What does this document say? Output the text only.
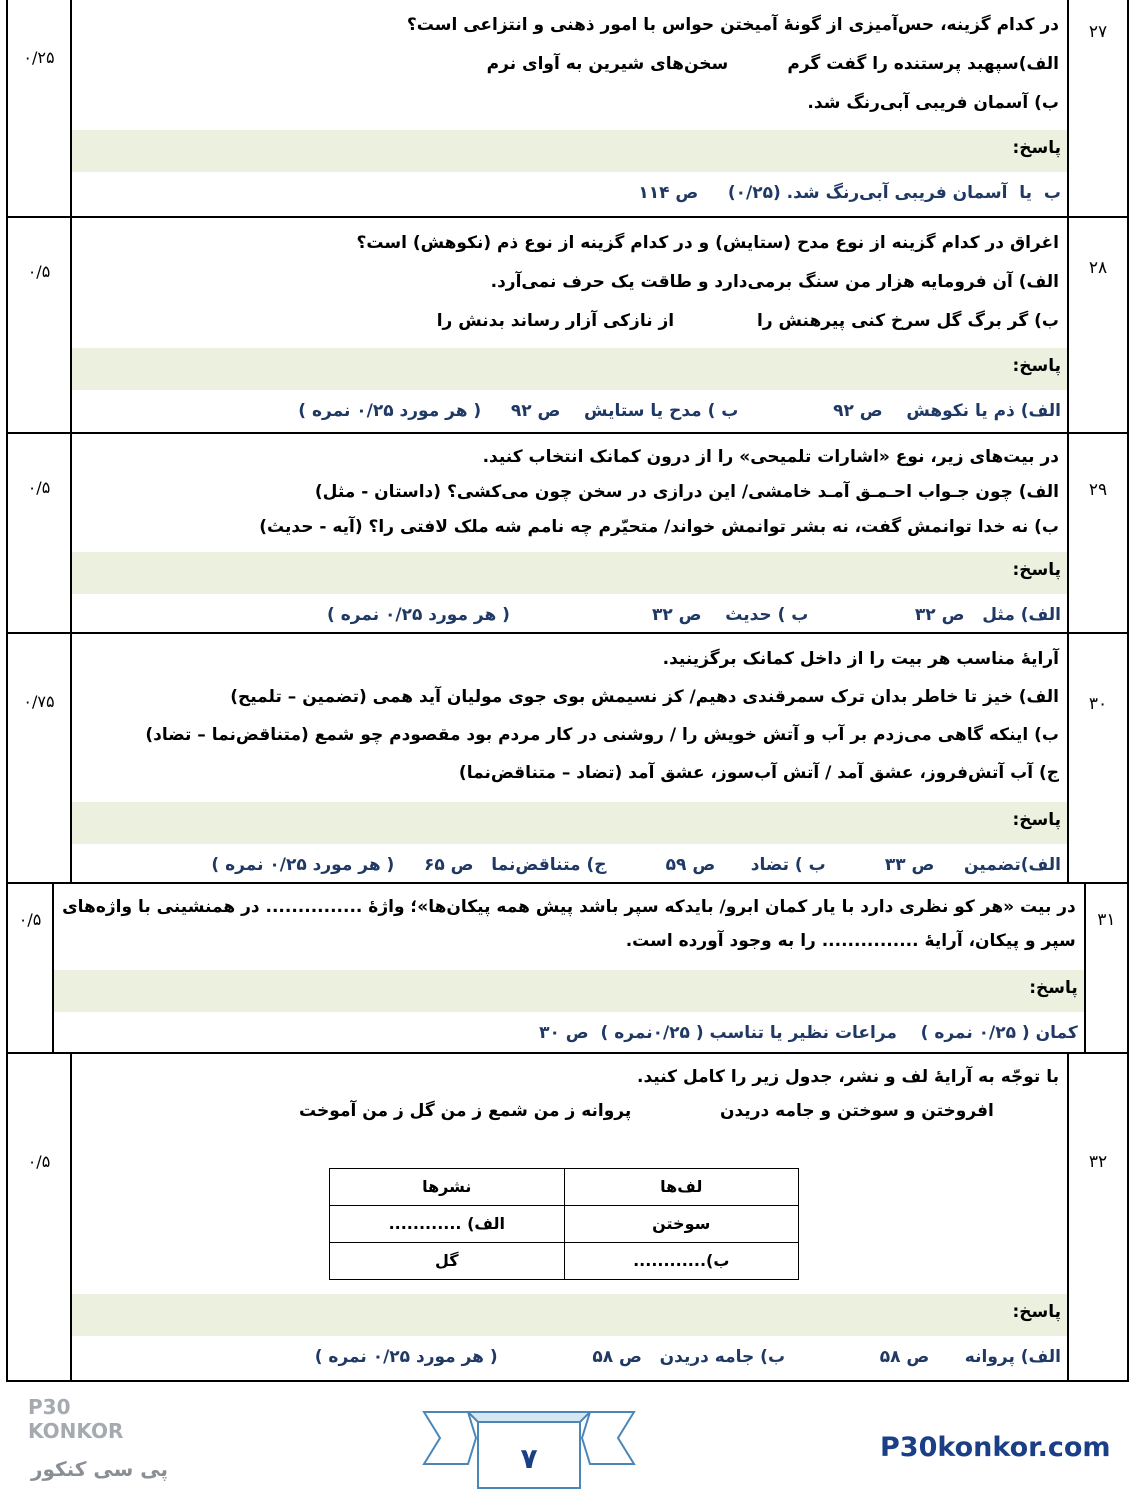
۲۷
در کدام گزینه، حس‌آمیزی از گونهٔ آمیختن حواس با امور ذهنی و انتزاعی است؟
الف)سپهبد پرستنده را گفت گرم          سخن‌های شیرین به آوای نرم
ب) آسمان فریبی آبی‌رنگ شد.
پاسخ:
ب  یا  آسمان فریبی آبی‌رنگ شد. (۰/۲۵)     ص ۱۱۴
۰/۲۵
۲۸
اغراق در کدام گزینه از نوع مدح (ستایش) و در کدام گزینه از نوع ذم (نکوهش) است؟
الف) آن فرومایه هزار من سنگ برمی‌دارد و طاقت یک حرف نمی‌آرد.
ب) گر برگ گل سرخ کنی پیرهنش را              از نازکی آزار رساند بدنش را
پاسخ:
الف) ذم یا نکوهش    ص ۹۲                ب ) مدح یا ستایش    ص ۹۲     ( هر مورد ۰/۲۵ نمره )
۰/۵
۲۹
در بیت‌های زیر، نوع «اشارات تلمیحی» را از درون کمانک انتخاب کنید.
الف) چون جـواب احـمـق آمـد خامشی/ این درازی در سخن چون می‌کشی؟ (داستان - مثل)
ب) نه خدا توانمش گفت، نه بشر توانمش خواند/ متحیّرم چه نامم شه ملک لافتی را؟ (آیه - حدیث)
پاسخ:
الف) مثل   ص ۳۲                  ب ) حدیث    ص ۳۲                        ( هر مورد ۰/۲۵ نمره )
۰/۵
۳۰
آرایهٔ مناسب هر بیت را از داخل کمانک برگزینید.
الف) خیز تا خاطر بدان ترک سمرقندی دهیم/ کز نسیمش بوی جوی مولیان آید همی (تضمین – تلمیح)
ب) اینکه گاهی می‌زدم بر آب و آتش خویش را / روشنی در کار مردم بود مقصودم چو شمع (متناقض‌نما – تضاد)
ج) آب آتش‌فروز، عشق آمد / آتش آب‌سوز، عشق آمد (تضاد – متناقض‌نما)
پاسخ:
الف)تضمین     ص ۳۳          ب ) تضاد      ص ۵۹          ج) متناقض‌نما   ص ۶۵     ( هر مورد ۰/۲۵ نمره )
۰/۷۵
۳۱
در بیت «هر کو نظری دارد با یار کمان ابرو/ بایدکه سپر باشد پیش همه پیکان‌ها»؛ واژهٔ ............... در همنشینی با واژه‌های
سپر و پیکان، آرایهٔ ............... را به وجود آورده است.
پاسخ:
کمان ( ۰/۲۵ نمره )    مراعات نظیر یا تناسب ( ۰/۲۵نمره )  ص ۳۰
۰/۵
۳۲
با توجّه به آرایهٔ لف و نشر، جدول زیر را کامل کنید.
افروختن و سوختن و جامه دریدن               پروانه ز من شمع ز من گل ز من آموخت
لف‌ها	نشرها
سوختن	الف) ............
ب)............	گل
پاسخ:
الف) پروانه      ص ۵۸                ب) جامه دریدن   ص ۵۸                ( هر مورد ۰/۲۵ نمره )
۰/۵
P30 KONKOR
پی سی کنکور	۷	P30konkor.com
